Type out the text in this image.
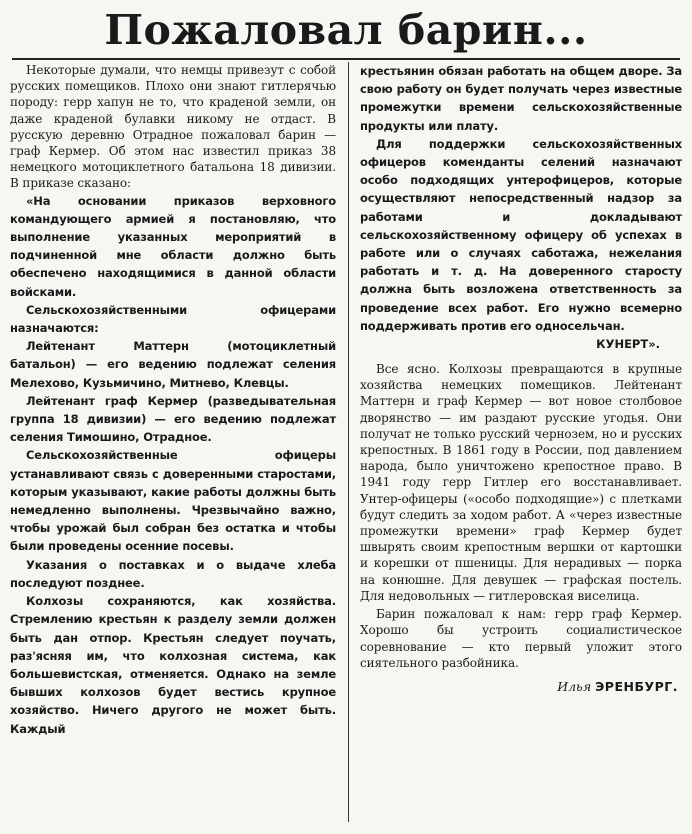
Пожаловал барин...

Некоторые думали, что немцы привезут с собой русских помещиков. Плохо они знают гитлерячью породу: герр хапун не то, что краденой земли, он даже краденой булавки никому не отдаст. В русскую деревню Отрадное пожаловал барин — граф Кермер. Об этом нас известил приказ 38 немецкого мотоциклетного батальона 18 дивизии. В приказе сказано:

«На основании приказов верховного командующего армией я постановляю, что выполнение указанных мероприятий в подчиненной мне области должно быть обеспечено находящимися в данной области войсками.

Сельскохозяйственными офицерами назначаются:

Лейтенант Маттерн (мотоциклетный батальон) — его ведению подлежат селения Мелехово, Кузьмичино, Митнево, Клевцы.

Лейтенант граф Кермер (разведывательная группа 18 дивизии) — его ведению подлежат селения Тимошино, Отрадное.

Сельскохозяйственные офицеры устанавливают связь с доверенными старостами, которым указывают, какие работы должны быть немедленно выполнены. Чрезвычайно важно, чтобы урожай был собран без остатка и чтобы были проведены осенние посевы.

Указания о поставках и о выдаче хлеба последуют позднее.

Колхозы сохраняются, как хозяйства. Стремлению крестьян к разделу земли должен быть дан отпор. Крестьян следует поучать, раз'ясняя им, что колхозная система, как большевистская, отменяется. Однако на земле бывших колхозов будет вестись крупное хозяйство. Ничего другого не может быть. Каждый

крестьянин обязан работать на общем дворе. За свою работу он будет получать через известные промежутки времени сельскохозяйственные продукты или плату.

Для поддержки сельскохозяйственных офицеров коменданты селений назначают особо подходящих унтерофицеров, которые осуществляют непосредственный надзор за работами и докладывают сельскохозяйственному офицеру об успехах в работе или о случаях саботажа, нежелания работать и т. д. На доверенного старосту должна быть возложена ответственность за проведение всех работ. Его нужно всемерно поддерживать против его односельчан.

КУНЕРТ».

Все ясно. Колхозы превращаются в крупные хозяйства немецких помещиков. Лейтенант Маттерн и граф Кермер — вот новое столбовое дворянство — им раздают русские угодья. Они получат не только русский чернозем, но и русских крепостных. В 1861 году в России, под давлением народа, было уничтожено крепостное право. В 1941 году герр Гитлер его восстанавливает. Унтер-офицеры («особо подходящие») с плетками будут следить за ходом работ. А «через известные промежутки времени» граф Кермер будет швырять своим крепостным вершки от картошки и корешки от пшеницы. Для нерадивых — порка на конюшне. Для девушек — графская постель. Для недовольных — гитлеровская виселица.

Барин пожаловал к нам: герр граф Кермер. Хорошо бы устроить социалистическое соревнование — кто первый уложит этого сиятельного разбойника.

Илья ЭРЕНБУРГ.
